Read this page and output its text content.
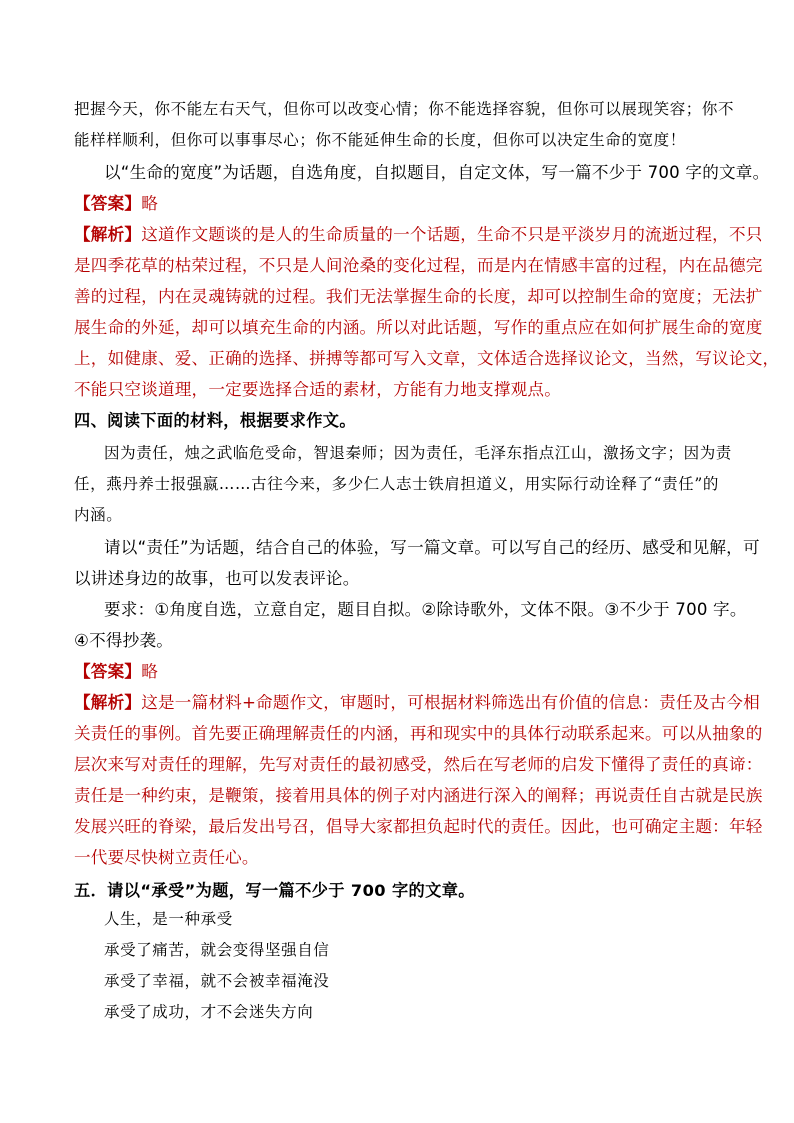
把握今天，你不能左右天气，但你可以改变心情；你不能选择容貌，但你可以展现笑容；你不
能样样顺利，但你可以事事尽心；你不能延伸生命的长度，但你可以决定生命的宽度！
以“生命的宽度”为话题，自选角度，自拟题目，自定文体，写一篇不少于 700 字的文章。
【答案】略
【解析】这道作文题谈的是人的生命质量的一个话题，生命不只是平淡岁月的流逝过程，不只
是四季花草的枯荣过程，不只是人间沧桑的变化过程，而是内在情感丰富的过程，内在品德完
善的过程，内在灵魂铸就的过程。我们无法掌握生命的长度，却可以控制生命的宽度；无法扩
展生命的外延，却可以填充生命的内涵。所以对此话题，写作的重点应在如何扩展生命的宽度
上，如健康、爱、正确的选择、拼搏等都可写入文章，文体适合选择议论文，当然，写议论文，
不能只空谈道理，一定要选择合适的素材，方能有力地支撑观点。
四、阅读下面的材料，根据要求作文。
因为责任，烛之武临危受命，智退秦师；因为责任，毛泽东指点江山，激扬文字；因为责
任，燕丹养士报强嬴……古往今来，多少仁人志士铁肩担道义，用实际行动诠释了“责任”的
内涵。
请以“责任”为话题，结合自己的体验，写一篇文章。可以写自己的经历、感受和见解，可
以讲述身边的故事，也可以发表评论。
要求：①角度自选，立意自定，题目自拟。②除诗歌外，文体不限。③不少于 700 字。
④不得抄袭。
【答案】略
【解析】这是一篇材料+命题作文，审题时，可根据材料筛选出有价值的信息：责任及古今相
关责任的事例。首先要正确理解责任的内涵，再和现实中的具体行动联系起来。可以从抽象的
层次来写对责任的理解，先写对责任的最初感受，然后在写老师的启发下懂得了责任的真谛：
责任是一种约束，是鞭策，接着用具体的例子对内涵进行深入的阐释；再说责任自古就是民族
发展兴旺的脊梁，最后发出号召，倡导大家都担负起时代的责任。因此，也可确定主题：年轻
一代要尽快树立责任心。
五．请以“承受”为题，写一篇不少于 700 字的文章。
人生，是一种承受
承受了痛苦，就会变得坚强自信
承受了幸福，就不会被幸福淹没
承受了成功，才不会迷失方向
